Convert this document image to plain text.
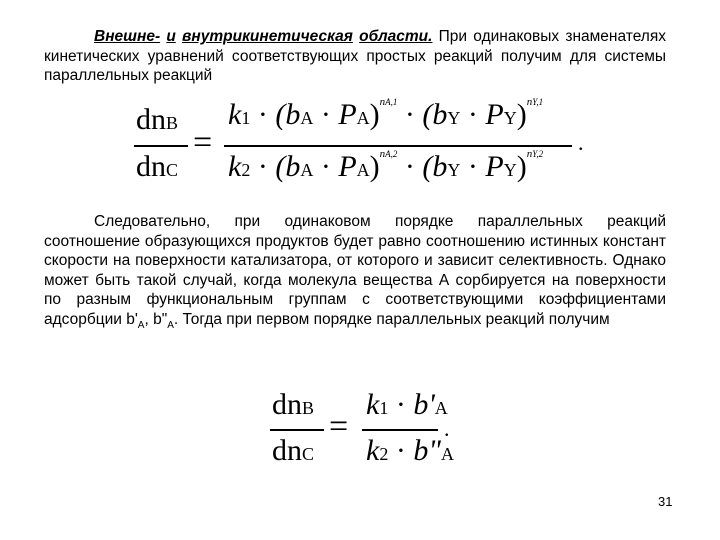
Внешне- и внутрикинетическая области. При одинаковых знаменателях кинетических уравнений соответствующих простых реакций получим для системы параллельных реакций
dnB
dnC
=
k1 · (bA · PA)$^{nA,1}$ · (bY · PY)$^{nY,1}$
k2 · (bA · PA)$^{nA,2}$ · (bY · PY)$^{nY,2}$ .
Следовательно, при одинаковом порядке параллельных реакций соотношение образующихся продуктов будет равно соотношению истинных констант скорости на поверхности катализатора, от которого и зависит селективность. Однако может быть такой случай, когда молекула вещества А сорбируется на поверхности по разным функциональным группам с соответствующими коэффициентами адсорбции $b'_А$, $b"_А$. Тогда при первом порядке параллельных реакций получим
dnB
dnC
=
k1 · b'A
k2 · b"A
.
31
